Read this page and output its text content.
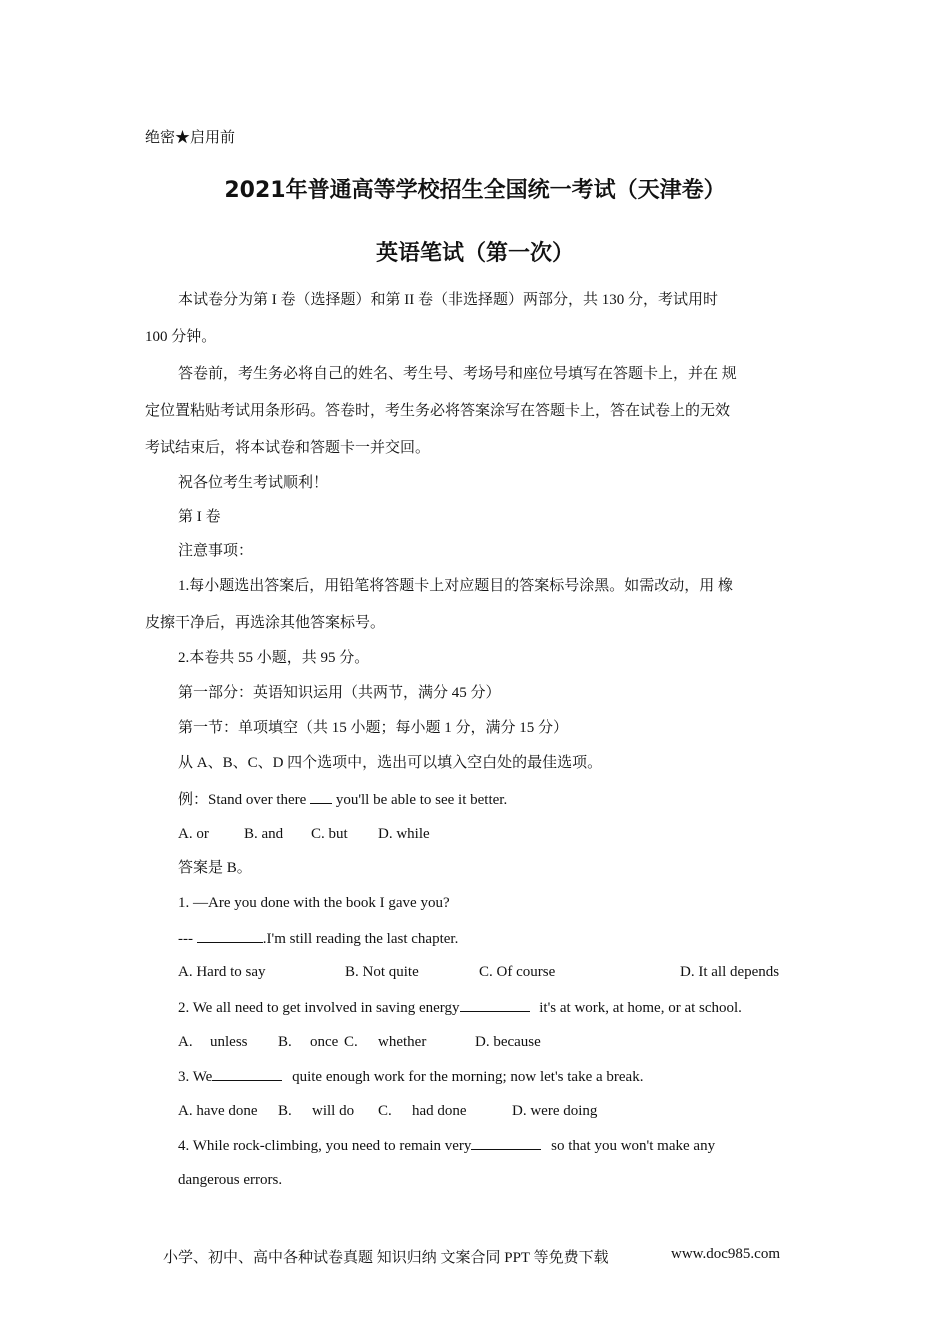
绝密★启用前
2021年普通高等学校招生全国统一考试（天津卷）
英语笔试（第一次）
本试卷分为第 I 卷（选择题）和第 II 卷（非选择题）两部分，共 130 分，考试用时
100 分钟。
答卷前，考生务必将自己的姓名、考生号、考场号和座位号填写在答题卡上，并在 规
定位置粘贴考试用条形码。答卷时，考生务必将答案涂写在答题卡上，答在试卷上的无效
考试结束后，将本试卷和答题卡一并交回。
祝各位考生考试顺利！
第 I 卷
注意事项：
1.每小题选出答案后，用铅笔将答题卡上对应题目的答案标号涂黑。如需改动，用 橡
皮擦干净后，再选涂其他答案标号。
2.本卷共 55 小题，共 95 分。
第一部分：英语知识运用（共两节，满分 45 分）
第一节：单项填空（共 15 小题；每小题 1 分，满分 15 分）
从 A、B、C、D 四个选项中，选出可以填入空白处的最佳选项。
例：Stand over there you'll be able to see it better.
A. or B. and C. but D. while
答案是 B。
1. —Are you done with the book I gave you?
---	.I'm still reading the last chapter.
A. Hard to say	B. Not quite	C. Of course	D. It all depends
2. We all need to get involved in saving energy	it's at work, at home, or at school.
A. unless B. once C. whether	D. because
3. We	quite enough work for the morning; now let's take a break.
A. have done B. will do C. had done	D. were doing
4. While rock-climbing, you need to remain very	so that you won't make any
dangerous errors.
小学、初中、高中各种试卷真题 知识归纳 文案合同 PPT 等免费下载	www.doc985.com
